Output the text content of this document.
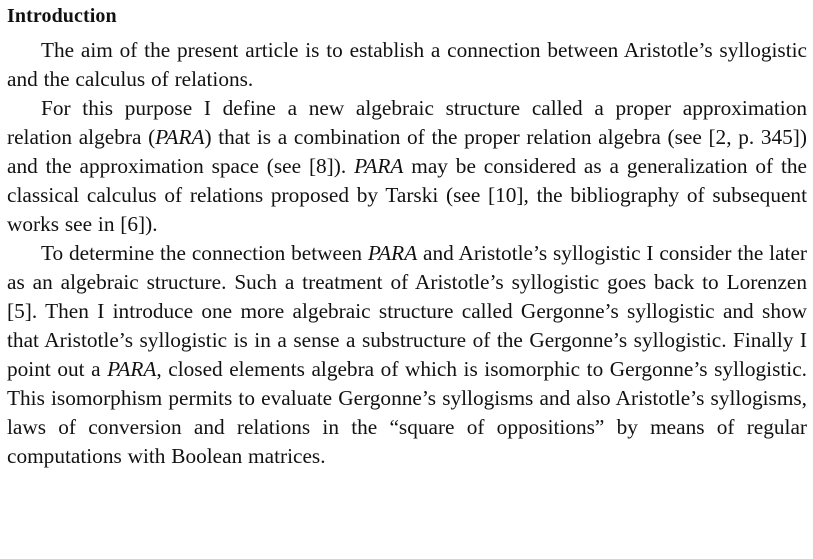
Introduction

The aim of the present article is to establish a connection between Aristotle’s syllogistic and the calculus of relations.

For this purpose I define a new algebraic structure called a proper approximation relation algebra (PARA) that is a combination of the proper relation algebra (see [2, p. 345]) and the approximation space (see [8]). PARA may be considered as a generalization of the classical calculus of relations proposed by Tarski (see [10], the bibliography of subsequent works see in [6]).

To determine the connection between PARA and Aristotle’s syllogistic I consider the later as an algebraic structure. Such a treatment of Aristotle’s syllogistic goes back to Lorenzen [5]. Then I introduce one more algebraic structure called Gergonne’s syllogistic and show that Aristotle’s syllogistic is in a sense a substructure of the Gergonne’s syllogistic. Finally I point out a PARA, closed elements algebra of which is isomorphic to Gergonne’s syllogistic. This isomorphism permits to evaluate Gergonne’s syllogisms and also Aristotle’s syllogisms, laws of conversion and relations in the “square of oppositions” by means of regular computations with Boolean matrices.
